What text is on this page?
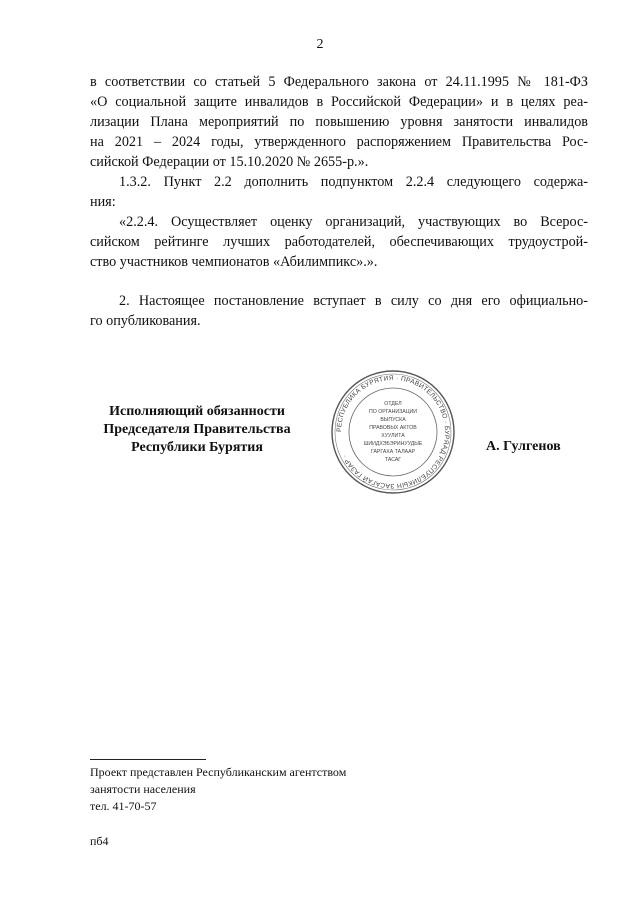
2
в соответствии со статьей 5 Федерального закона от 24.11.1995 № 181-ФЗ
«О социальной защите инвалидов в Российской Федерации» и в целях реа-
лизации Плана мероприятий по повышению уровня занятости инвалидов
на 2021 – 2024 годы, утвержденного распоряжением Правительства Рос-
сийской Федерации от 15.10.2020 № 2655-р.».
1.3.2. Пункт 2.2 дополнить подпунктом 2.2.4 следующего содержа-
ния:
«2.2.4. Осуществляет оценку организаций, участвующих во Всерос-
сийском рейтинге лучших работодателей, обеспечивающих трудоустрой-
ство участников чемпионатов «Абилимпикс».».
2. Настоящее постановление вступает в силу со дня его официально-
го опубликования.
Исполняющий обязанности
Председателя Правительства
Республики Бурятия
РЕСПУБЛИКА БУРЯТИЯ · ПРАВИТЕЛЬСТВО · БУРЯАД РЕСПУБЛИКЫН ЗАСАГАЙ ГАЗАР ·
ОТДЕЛ
ПО ОРГАНИЗАЦИИ
ВЫПУСКА
ПРАВОВЫХ АКТОВ
ХУУЛИТА
ШИИДХЭБЭРИНУУДЫЕ
ГАРГАХА ТАЛААР
ТАСАГ
А. Гулгенов
Проект представлен Республиканским агентством
занятости населения
тел. 41-70-57
пб4
